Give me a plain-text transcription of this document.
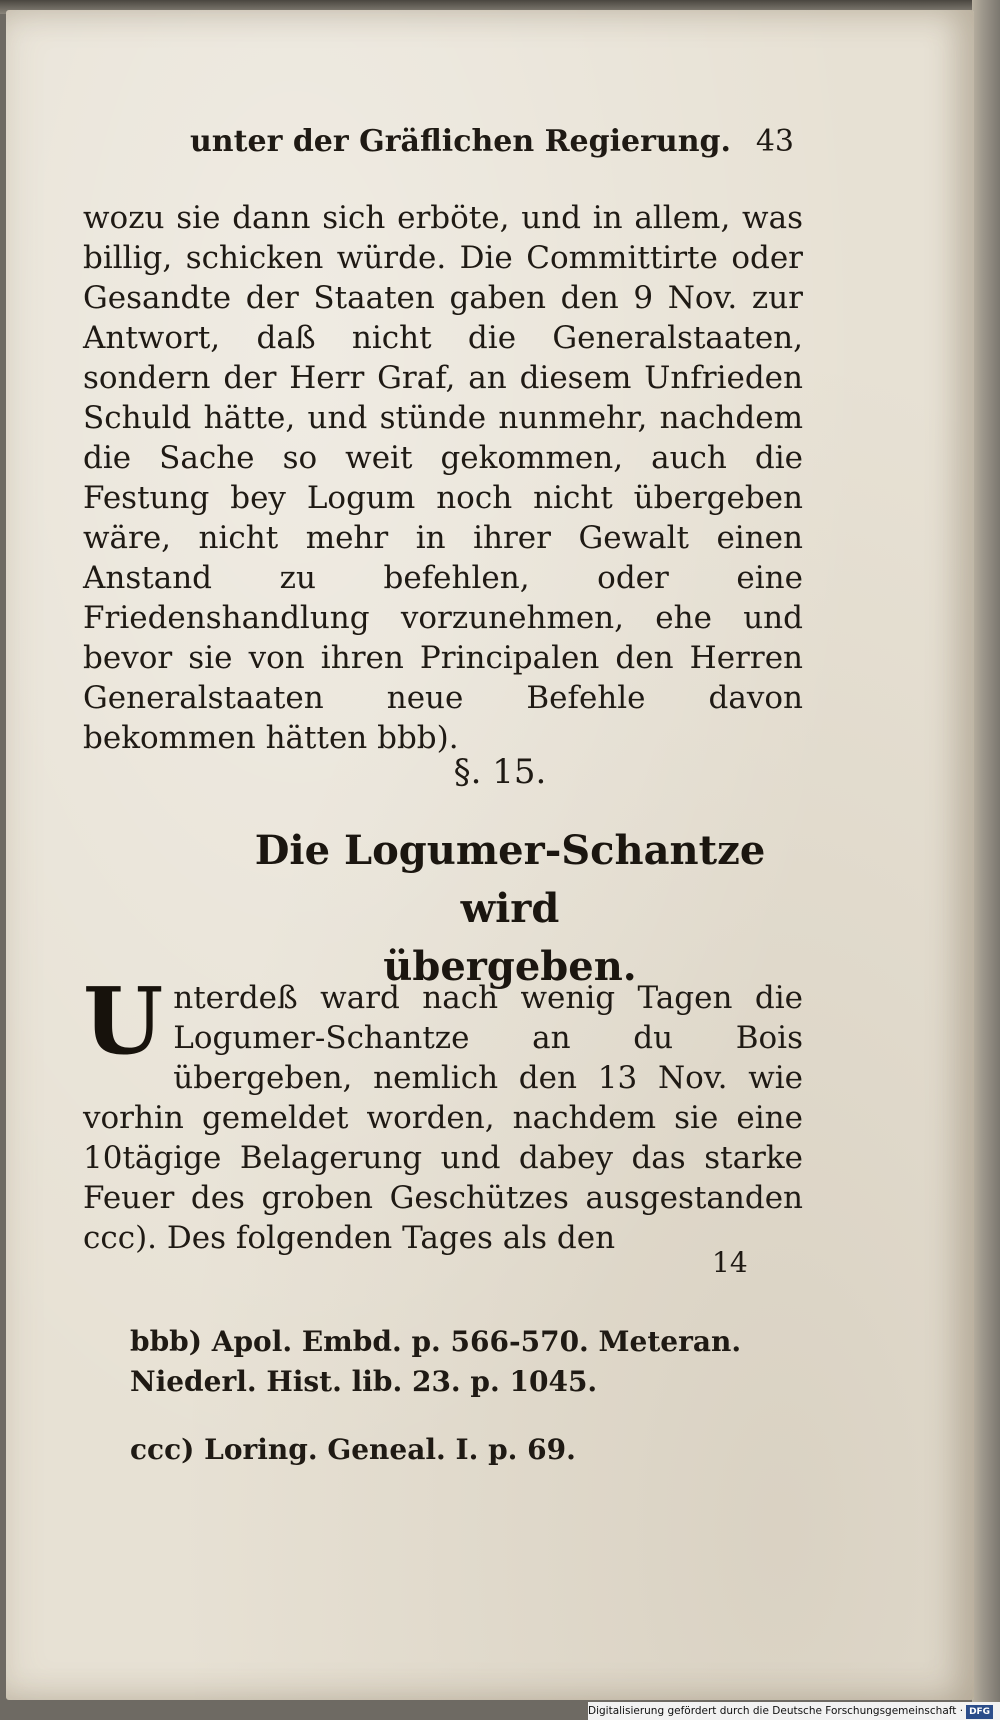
unter der Gräflichen Regierung. 43
wozu sie dann sich erböte, und in allem, was billig, schicken würde. Die Committirte oder Gesandte der Staaten gaben den 9 Nov. zur Antwort, daß nicht die Generalstaaten, sondern der Herr Graf, an diesem Unfrieden Schuld hätte, und stünde nunmehr, nachdem die Sache so weit gekommen, auch die Festung bey Logum noch nicht übergeben wäre, nicht mehr in ihrer Gewalt einen Anstand zu befehlen, oder eine Friedenshandlung vorzunehmen, ehe und bevor sie von ihren Principalen den Herren Generalstaaten neue Befehle davon bekommen hätten bbb).
§. 15.
Die Logumer-Schantze wird
übergeben.
U nterdeß ward nach wenig Tagen die Logumer-Schantze an du Bois übergeben, nemlich den 13 Nov. wie vorhin gemeldet worden, nachdem sie eine 10tägige Belagerung und dabey das starke Feuer des groben Geschützes ausgestanden ccc). Des folgenden Tages als den
14
bbb) Apol. Embd. p. 566-570. Meteran. Niederl. Hist. lib. 23. p. 1045.
ccc) Loring. Geneal. I. p. 69.
Digitalisierung gefördert durch die Deutsche Forschungsgemeinschaft · DFG
